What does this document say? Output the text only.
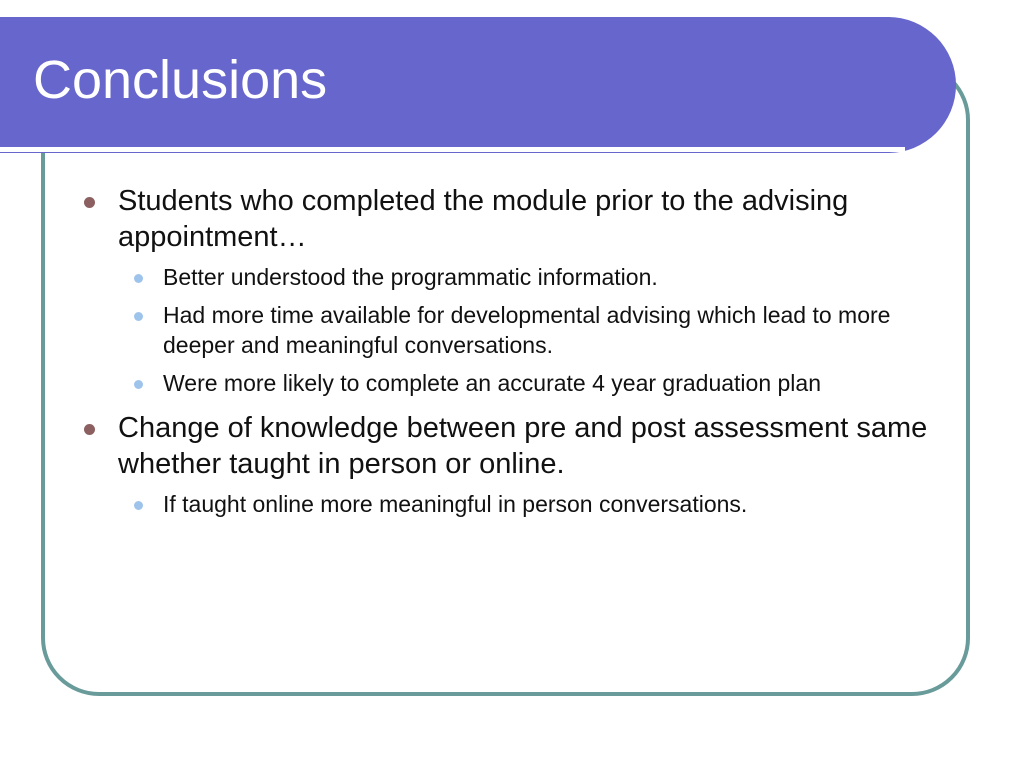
Conclusions
Students who completed the module prior to the advising appointment…
Better understood the programmatic information.
Had more time available for developmental advising which lead to more deeper and meaningful conversations.
Were more likely to complete an accurate 4 year graduation plan
Change of knowledge between pre and post assessment same whether taught in person or online.
If taught online more meaningful in person conversations.
